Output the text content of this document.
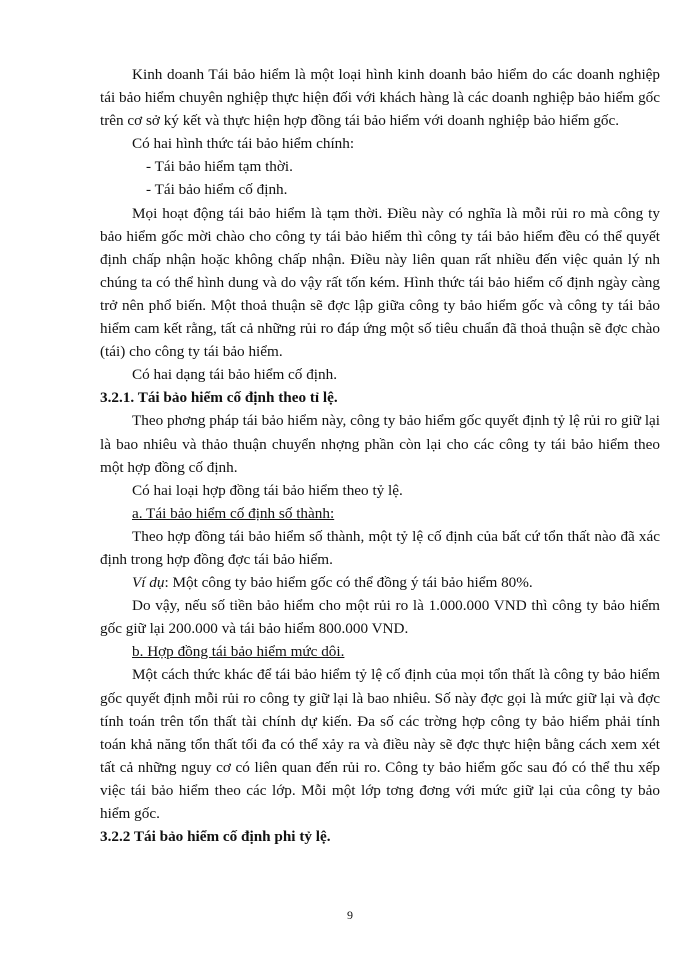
Kinh doanh Tái bảo hiểm là một loại hình kinh doanh bảo hiểm do các doanh nghiệp tái bảo hiểm chuyên nghiệp thực hiện đối với khách hàng là các doanh nghiệp bảo hiểm gốc trên cơ sở ký kết và thực hiện hợp đồng tái bảo hiểm với doanh nghiệp bảo hiểm gốc.

Có hai hình thức tái bảo hiểm chính:

- Tái bảo hiểm tạm thời.

- Tái bảo hiểm cố định.

Mọi hoạt động tái bảo hiểm là tạm thời. Điều này có nghĩa là mỗi rủi ro mà công ty bảo hiểm gốc mời chào cho công ty tái bảo hiểm thì công ty tái bảo hiểm đều có thể quyết định chấp nhận hoặc không chấp nhận. Điều này liên quan rất nhiều đến việc quản lý nh chúng ta có thể hình dung và do vậy rất tốn kém. Hình thức tái bảo hiểm cố định ngày càng trở nên phổ biến. Một thoả thuận sẽ đợc lập giữa công ty bảo hiểm gốc và công ty tái bảo hiểm cam kết rằng, tất cả những rủi ro đáp ứng một số tiêu chuẩn đã thoả thuận sẽ đợc chào (tái) cho công ty tái bảo hiểm.

Có hai dạng tái bảo hiểm cố định.

3.2.1. Tái bảo hiểm cố định theo tỉ lệ.

Theo phơng pháp tái bảo hiểm này, công ty bảo hiểm gốc quyết định tỷ lệ rủi ro giữ lại là bao nhiêu và thảo thuận chuyển nhợng phần còn lại cho các công ty tái bảo hiểm theo một hợp đồng cố định.

Có hai loại hợp đồng tái bảo hiểm theo tỷ lệ.

a. Tái bảo hiểm cố định số thành:

Theo hợp đồng tái bảo hiểm số thành, một tỷ lệ cố định của bất cứ tổn thất nào đã xác định trong hợp đồng đợc tái bảo hiểm.

Ví dụ: Một công ty bảo hiểm gốc có thể đồng ý tái bảo hiểm 80%.

Do vậy, nếu số tiền bảo hiểm cho một rủi ro là 1.000.000 VND thì công ty bảo hiểm gốc giữ lại 200.000 và tái bảo hiểm 800.000 VND.

b. Hợp đồng tái bảo hiểm mức dôi.

Một cách thức khác để tái bảo hiểm tỷ lệ cố định của mọi tổn thất là công ty bảo hiểm gốc quyết định mỗi rủi ro công ty giữ lại là bao nhiêu. Số này đợc gọi là mức giữ lại và đợc tính toán trên tổn thất tài chính dự kiến. Đa số các trờng hợp công ty bảo hiểm phải tính toán khả năng tổn thất tối đa có thể xảy ra và điều này sẽ đợc thực hiện bằng cách xem xét tất cả những nguy cơ có liên quan đến rủi ro. Công ty bảo hiểm gốc sau đó có thể thu xếp việc tái bảo hiểm theo các lớp. Mỗi một lớp tơng đơng với mức giữ lại của công ty bảo hiểm gốc.

3.2.2 Tái bảo hiểm cố định phi tỷ lệ.

9
